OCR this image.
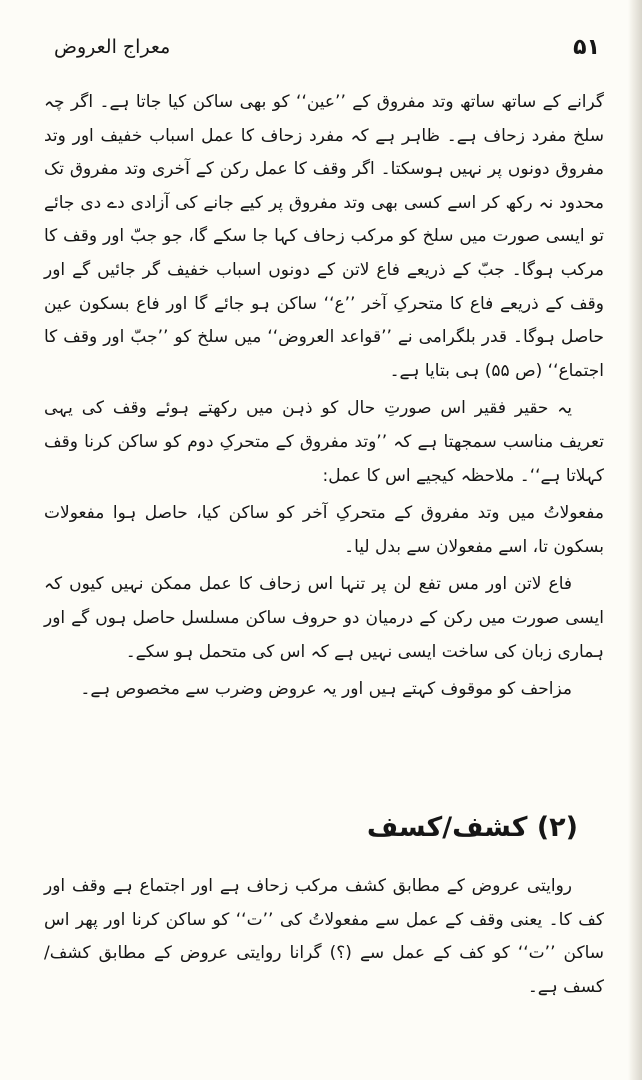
۵۱
معراج العروض

گرانے کے ساتھ ساتھ وتد مفروق کے ’’عین‘‘ کو بھی ساکن کیا جاتا ہے۔ اگر چہ سلخ مفرد زحاف ہے۔ ظاہر ہے کہ مفرد زحاف کا عمل اسباب خفیف اور وتد مفروق دونوں پر نہیں ہوسکتا۔ اگر وقف کا عمل رکن کے آخری وتد مفروق تک محدود نہ رکھ کر اسے کسی بھی وتد مفروق پر کیے جانے کی آزادی دے دی جائے تو ایسی صورت میں سلخ کو مرکب زحاف کہا جا سکے گا، جو جبّ اور وقف کا مرکب ہوگا۔ جبّ کے ذریعے فاع لاتن کے دونوں اسباب خفیف گر جائیں گے اور وقف کے ذریعے فاع کا متحرکِ آخر ’’ع‘‘ ساکن ہو جائے گا اور فاع بسکون عین حاصل ہوگا۔ قدر بلگرامی نے ’’قواعد العروض‘‘ میں سلخ کو ’’جبّ اور وقف کا اجتماع‘‘ (ص ۵۵) ہی بتایا ہے۔

یہ حقیر فقیر اس صورتِ حال کو ذہن میں رکھتے ہوئے وقف کی یہی تعریف مناسب سمجھتا ہے کہ ’’وتد مفروق کے متحرکِ دوم کو ساکن کرنا وقف کہلاتا ہے‘‘۔ ملاحظہ کیجیے اس کا عمل:

مفعولاتُ میں وتد مفروق کے متحرکِ آخر کو ساکن کیا، حاصل ہوا مفعولات بسکون تا، اسے مفعولان سے بدل لیا۔

فاع لاتن اور مس تفع لن پر تنہا اس زحاف کا عمل ممکن نہیں کیوں کہ ایسی صورت میں رکن کے درمیان دو حروف ساکن مسلسل حاصل ہوں گے اور ہماری زبان کی ساخت ایسی نہیں ہے کہ اس کی متحمل ہو سکے۔

مزاحف کو موقوف کہتے ہیں اور یہ عروض وضرب سے مخصوص ہے۔

(۲) کشف/کسف

روایتی عروض کے مطابق کشف مرکب زحاف ہے اور اجتماع ہے وقف اور کف کا۔ یعنی وقف کے عمل سے مفعولاتُ کی ’’ت‘‘ کو ساکن کرنا اور پھر اس ساکن ’’ت‘‘ کو کف کے عمل سے (؟) گرانا روایتی عروض کے مطابق کشف/کسف ہے۔
